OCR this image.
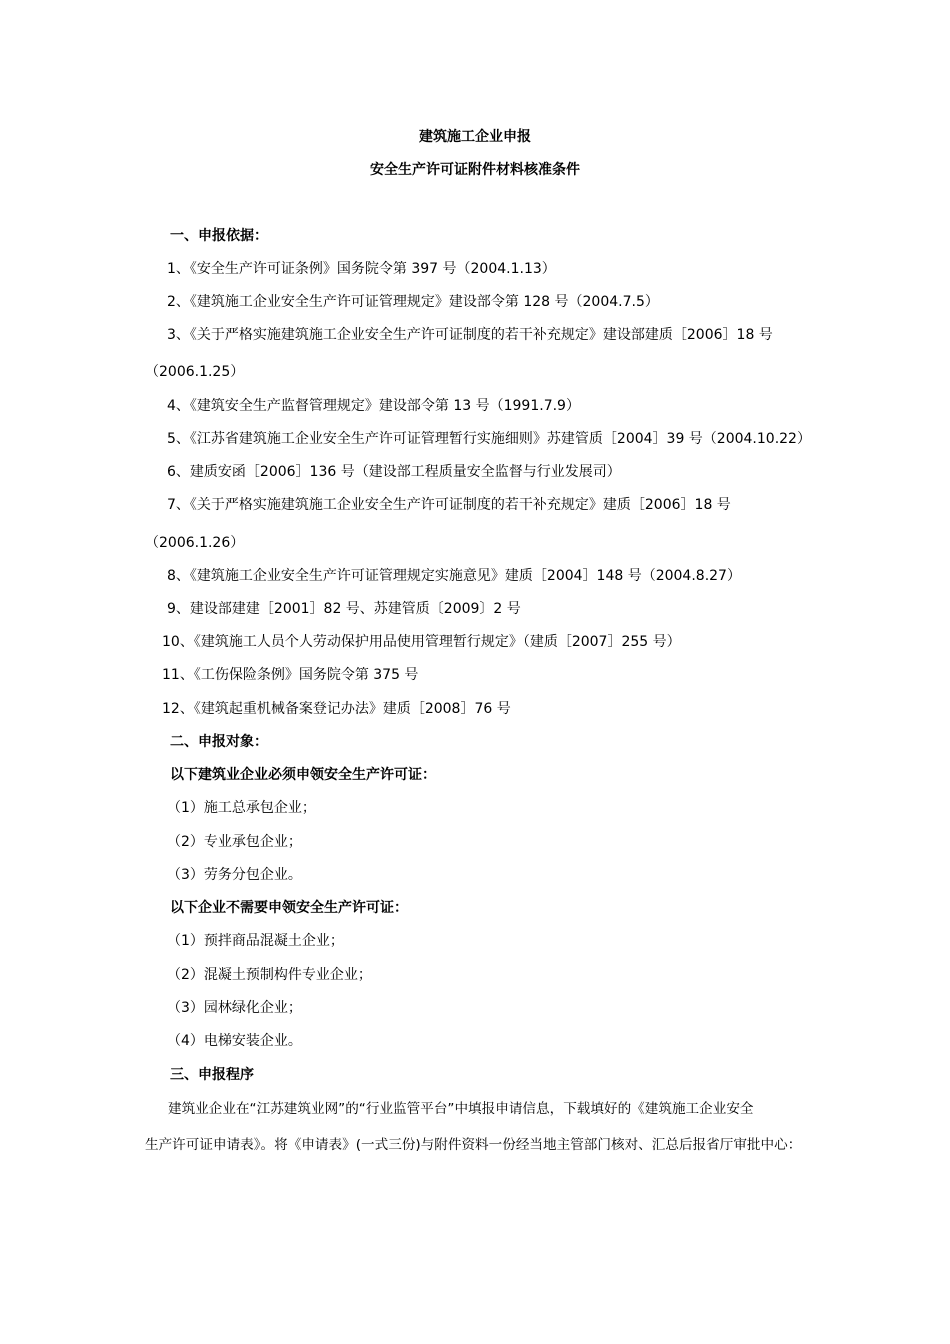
建筑施工企业申报
安全生产许可证附件材料核准条件
一、申报依据：
1、《安全生产许可证条例》国务院令第 397 号（2004.1.13）
2、《建筑施工企业安全生产许可证管理规定》建设部令第 128 号（2004.7.5）
3、《关于严格实施建筑施工企业安全生产许可证制度的若干补充规定》建设部建质［2006］18 号
（2006.1.25）
4、《建筑安全生产监督管理规定》建设部令第 13 号（1991.7.9）
5、《江苏省建筑施工企业安全生产许可证管理暂行实施细则》苏建管质［2004］39 号（2004.10.22）
6、建质安函［2006］136 号（建设部工程质量安全监督与行业发展司）
7、《关于严格实施建筑施工企业安全生产许可证制度的若干补充规定》建质［2006］18 号
（2006.1.26）
8、《建筑施工企业安全生产许可证管理规定实施意见》建质［2004］148 号（2004.8.27）
9、建设部建建［2001］82 号、苏建管质〔2009〕2 号
10、《建筑施工人员个人劳动保护用品使用管理暂行规定》（建质［2007］255 号）
11、《工伤保险条例》国务院令第 375 号
12、《建筑起重机械备案登记办法》建质［2008］76 号
二、申报对象：
以下建筑业企业必须申领安全生产许可证：
（1）施工总承包企业；
（2）专业承包企业；
（3）劳务分包企业。
以下企业不需要申领安全生产许可证：
（1）预拌商品混凝土企业；
（2）混凝土预制构件专业企业；
（3）园林绿化企业；
（4）电梯安装企业。
三、申报程序
建筑业企业在“江苏建筑业网”的“行业监管平台”中填报申请信息，下载填好的《建筑施工企业安全
生产许可证申请表》。将《申请表》(一式三份)与附件资料一份经当地主管部门核对、汇总后报省厅审批中心：
